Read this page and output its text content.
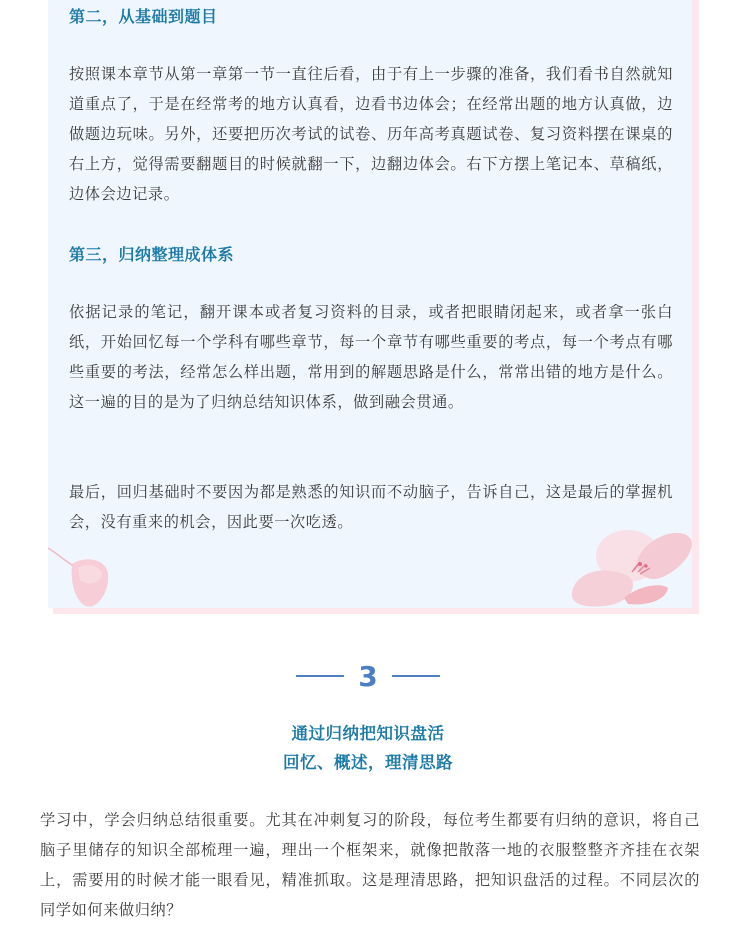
第二，从基础到题目
按照课本章节从第一章第一节一直往后看，由于有上一步骤的准备，我们看书自然就知道重点了，于是在经常考的地方认真看，边看书边体会；在经常出题的地方认真做，边做题边玩味。另外，还要把历次考试的试卷、历年高考真题试卷、复习资料摆在课桌的右上方，觉得需要翻题目的时候就翻一下，边翻边体会。右下方摆上笔记本、草稿纸，边体会边记录。
第三，归纳整理成体系
依据记录的笔记，翻开课本或者复习资料的目录，或者把眼睛闭起来，或者拿一张白纸，开始回忆每一个学科有哪些章节，每一个章节有哪些重要的考点，每一个考点有哪些重要的考法，经常怎么样出题，常用到的解题思路是什么，常常出错的地方是什么。这一遍的目的是为了归纳总结知识体系，做到融会贯通。
最后，回归基础时不要因为都是熟悉的知识而不动脑子，告诉自己，这是最后的掌握机会，没有重来的机会，因此要一次吃透。
3
通过归纳把知识盘活
回忆、概述，理清思路
学习中，学会归纳总结很重要。尤其在冲刺复习的阶段，每位考生都要有归纳的意识，将自己脑子里储存的知识全部梳理一遍，理出一个框架来，就像把散落一地的衣服整整齐齐挂在衣架上，需要用的时候才能一眼看见，精准抓取。这是理清思路，把知识盘活的过程。不同层次的同学如何来做归纳？
